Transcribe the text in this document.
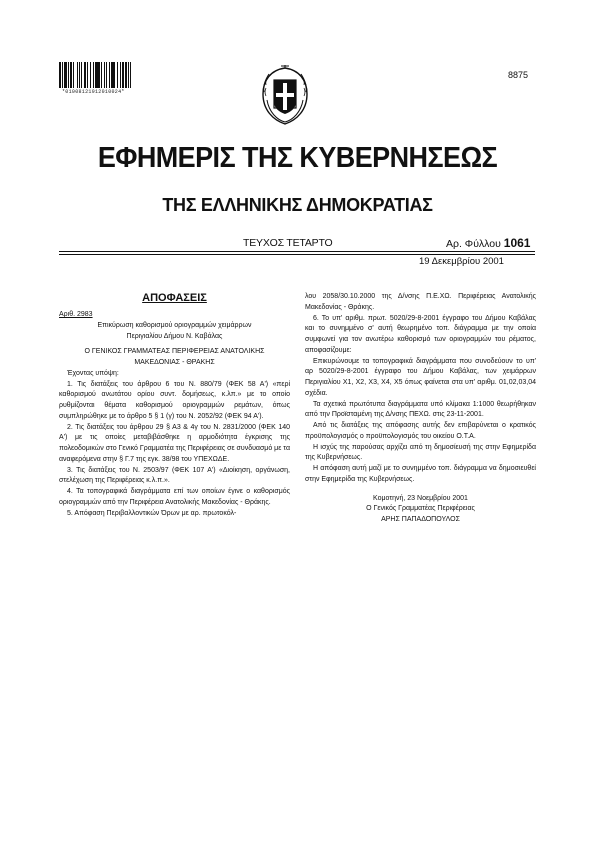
*01008121912010024*
8875
ΕΦΗΜΕΡΙΣ ΤΗΣ ΚΥΒΕΡΝΗΣΕΩΣ
ΤΗΣ ΕΛΛΗΝΙΚΗΣ ΔΗΜΟΚΡΑΤΙΑΣ
ΤΕΥΧΟΣ ΤΕΤΑΡΤΟ	Αρ. Φύλλου 1061
19 Δεκεμβρίου 2001
ΑΠΟΦΑΣΕΙΣ

Αριθ. 2983

Επικύρωση καθορισμού οριογραμμών χειμάρρων Περιγιαλίου Δήμου Ν. Καβάλας

Ο ΓΕΝΙΚΟΣ ΓΡΑΜΜΑΤΕΑΣ ΠΕΡΙΦΕΡΕΙΑΣ ΑΝΑΤΟΛΙΚΗΣ ΜΑΚΕΔΟΝΙΑΣ - ΘΡΑΚΗΣ

Έχοντας υπόψη:

1. Τις διατάξεις του άρθρου 6 του Ν. 880/79 (ΦΕΚ 58 Α') «περί καθορισμού ανωτάτου ορίου συντ. δομήσεως, κ.λπ.» με το οποίο ρυθμίζονται θέματα καθορισμού οριογραμμών ρεμάτων, όπως συμπληρώθηκε με το άρθρο 5 § 1 (γ) του Ν. 2052/92 (ΦΕΚ 94 Α').

2. Τις διατάξεις του άρθρου 29 § Α3 & 4γ του Ν. 2831/2000 (ΦΕΚ 140 Α') με τις οποίες μεταβιβάσθηκε η αρμοδιότητα έγκρισης της πολεοδομικών στο Γενικό Γραμματέα της Περιφέρειας σε συνδυασμό με τα αναφερόμενα στην § Γ.7 της εγκ. 38/98 του ΥΠΕΧΩΔΕ.

3. Τις διατάξεις του Ν. 2503/97 (ΦΕΚ 107 Α') «Διοίκηση, οργάνωση, στελέχωση της Περιφέρειας κ.λ.π.».

4. Τα τοπογραφικά διαγράμματα επί των οποίων έγινε ο καθορισμός οριογραμμών από την Περιφέρεια Ανατολικής Μακεδονίας - Θράκης.

5. Απόφαση Περιβαλλοντικών Όρων με αρ. πρωτοκόλ-

λου 2058/30.10.2000 της Δ/νσης Π.Ε.ΧΩ. Περιφέρειας Ανατολικής Μακεδονίας - Θράκης.

6. Το υπ' αριθμ. πρωτ. 5020/29-8-2001 έγγραφο του Δήμου Καβάλας και το συνημμένο σ' αυτή θεωρημένο τοπ. διάγραμμα με την οποία συμφωνεί για τον ανωτέρω καθορισμό των οριογραμμών του ρέματος, αποφασίζουμε:

Επικυρώνουμε τα τοπογραφικά διαγράμματα που συνοδεύουν το υπ' αρ 5020/29-8-2001 έγγραφο του Δήμου Καβάλας, των χειμάρρων Περιγιαλίου Χ1, Χ2, Χ3, Χ4, Χ5 όπως φαίνεται στα υπ' αριθμ. 01,02,03,04 σχέδια.

Τα σχετικά πρωτότυπα διαγράμματα υπό κλίμακα 1:1000 θεωρήθηκαν από την Προϊσταμένη της Δ/νσης ΠΕΧΩ. στις 23-11-2001.

Από τις διατάξεις της απόφασης αυτής δεν επιβαρύνεται ο κρατικός προϋπολογισμός ο προϋπολογισμός του οικείου Ο.Τ.Α.

Η ισχύς της παρούσας αρχίζει από τη δημοσίευσή της στην Εφημερίδα της Κυβερνήσεως.

Η απόφαση αυτή μαζί με το συνημμένο τοπ. διάγραμμα να δημοσιευθεί στην Εφημερίδα της Κυβερνήσεως.

Κομοτηνή, 23 Νοεμβρίου 2001

Ο Γενικός Γραμματέας Περιφέρειας

ΑΡΗΣ ΠΑΠΑΔΟΠΟΥΛΟΣ
